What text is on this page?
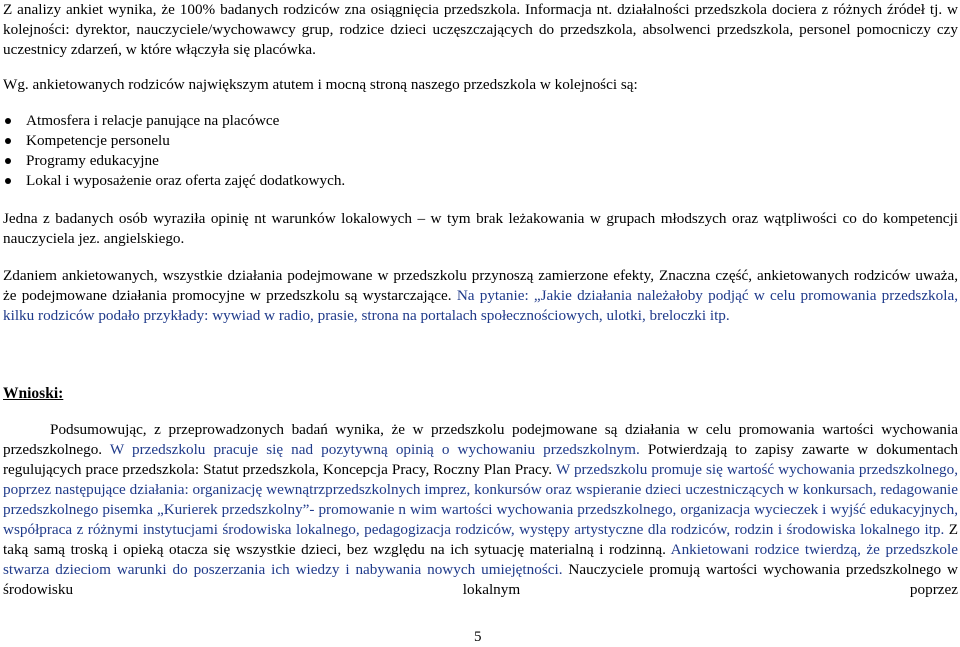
Z analizy ankiet wynika, że 100% badanych rodziców zna osiągnięcia przedszkola. Informacja nt. działalności przedszkola dociera z różnych źródeł tj. w kolejności: dyrektor, nauczyciele/wychowawcy grup, rodzice dzieci uczęszczających do przedszkola, absolwenci przedszkola, personel pomocniczy czy uczestnicy zdarzeń, w które włączyła się placówka.

Wg. ankietowanych rodziców największym atutem i mocną stroną naszego przedszkola w kolejności są:

Atmosfera i relacje panujące na placówce
Kompetencje personelu
Programy edukacyjne
Lokal i wyposażenie oraz oferta zajęć dodatkowych.

Jedna z badanych osób wyraziła opinię nt warunków lokalowych – w tym brak leżakowania w grupach młodszych oraz wątpliwości co do kompetencji nauczyciela jez. angielskiego.

Zdaniem ankietowanych, wszystkie działania podejmowane w przedszkolu przynoszą zamierzone efekty, Znaczna część, ankietowanych rodziców uważa, że podejmowane działania promocyjne w przedszkolu są wystarczające. Na pytanie: „Jakie działania należałoby podjąć w celu promowania przedszkola, kilku rodziców podało przykłady: wywiad w radio, prasie, strona na portalach społecznościowych, ulotki, breloczki itp.

Wnioski:

Podsumowując, z przeprowadzonych badań wynika, że w przedszkolu podejmowane są działania w celu promowania wartości wychowania przedszkolnego. W przedszkolu pracuje się nad pozytywną opinią o wychowaniu przedszkolnym. Potwierdzają to zapisy zawarte w dokumentach regulujących prace przedszkola: Statut przedszkola, Koncepcja Pracy, Roczny Plan Pracy. W przedszkolu promuje się wartość wychowania przedszkolnego, poprzez następujące działania: organizację wewnątrzprzedszkolnych imprez, konkursów oraz wspieranie dzieci uczestniczących w konkursach, redagowanie przedszkolnego pisemka „Kurierek przedszkolny”- promowanie n wim wartości wychowania przedszkolnego, organizacja wycieczek i wyjść edukacyjnych, współpraca z różnymi instytucjami środowiska lokalnego, pedagogizacja rodziców, występy artystyczne dla rodziców, rodzin i środowiska lokalnego itp. Z taką samą troską i opieką otacza się wszystkie dzieci, bez względu na ich sytuację materialną i rodzinną. Ankietowani rodzice twierdzą, że przedszkole stwarza dzieciom warunki do poszerzania ich wiedzy i nabywania nowych umiejętności. Nauczyciele promują wartości wychowania przedszkolnego w środowisku lokalnym poprzez

5
